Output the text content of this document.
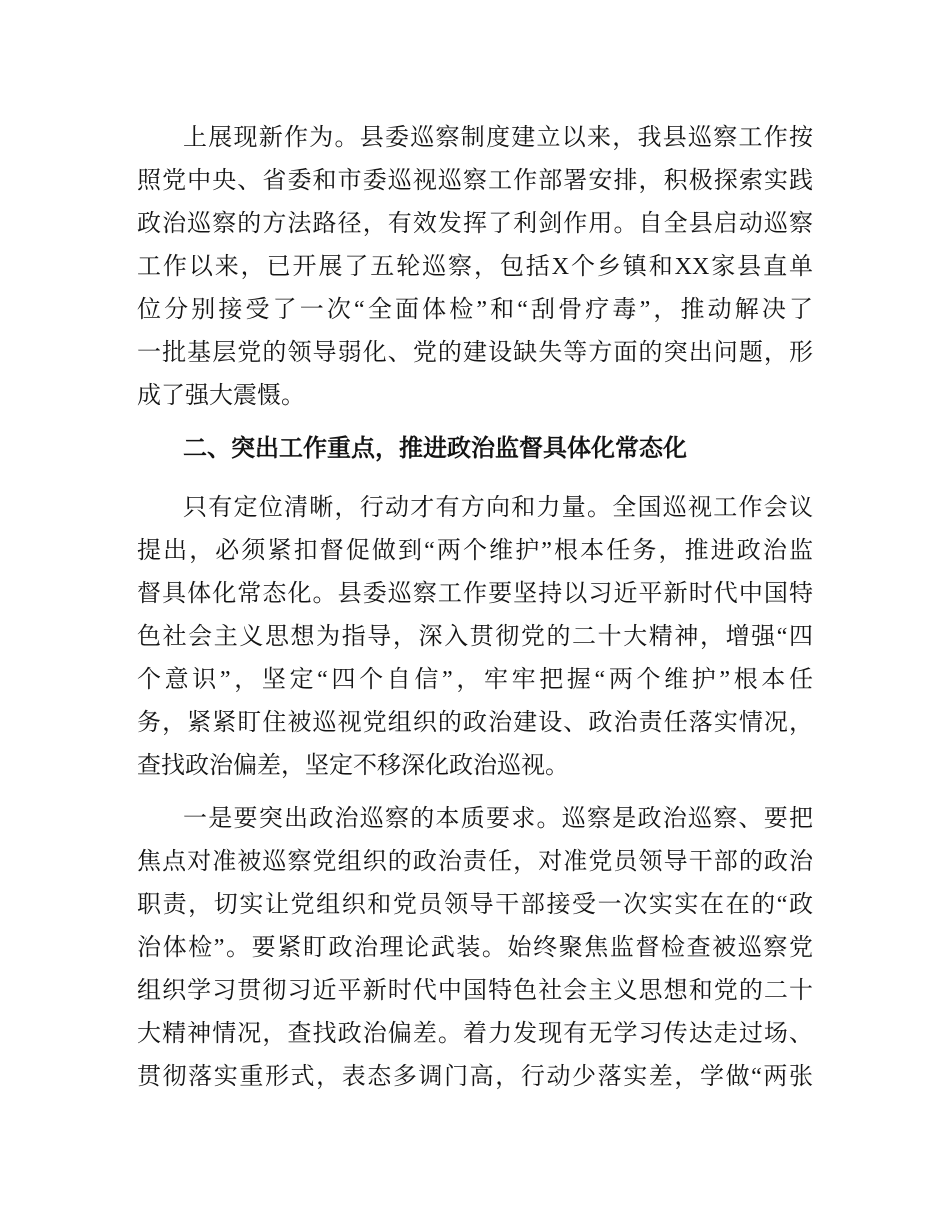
上展现新作为。县委巡察制度建立以来，我县巡察工作按
照党中央、省委和市委巡视巡察工作部署安排，积极探索实践
政治巡察的方法路径，有效发挥了利剑作用。自全县启动巡察
工作以来，已开展了五轮巡察，包括X个乡镇和XX家县直单
位分别接受了一次“全面体检”和“刮骨疗毒”，推动解决了
一批基层党的领导弱化、党的建设缺失等方面的突出问题，形
成了强大震慑。

二、突出工作重点，推进政治监督具体化常态化

只有定位清晰，行动才有方向和力量。全国巡视工作会议
提出，必须紧扣督促做到“两个维护”根本任务，推进政治监
督具体化常态化。县委巡察工作要坚持以习近平新时代中国特
色社会主义思想为指导，深入贯彻党的二十大精神，增强“四
个意识”，坚定“四个自信”，牢牢把握“两个维护”根本任
务，紧紧盯住被巡视党组织的政治建设、政治责任落实情况，
查找政治偏差，坚定不移深化政治巡视。

一是要突出政治巡察的本质要求。巡察是政治巡察、要把
焦点对准被巡察党组织的政治责任，对准党员领导干部的政治
职责，切实让党组织和党员领导干部接受一次实实在在的“政
治体检”。要紧盯政治理论武装。始终聚焦监督检查被巡察党
组织学习贯彻习近平新时代中国特色社会主义思想和党的二十
大精神情况，查找政治偏差。着力发现有无学习传达走过场、
贯彻落实重形式，表态多调门高，行动少落实差，学做“两张
